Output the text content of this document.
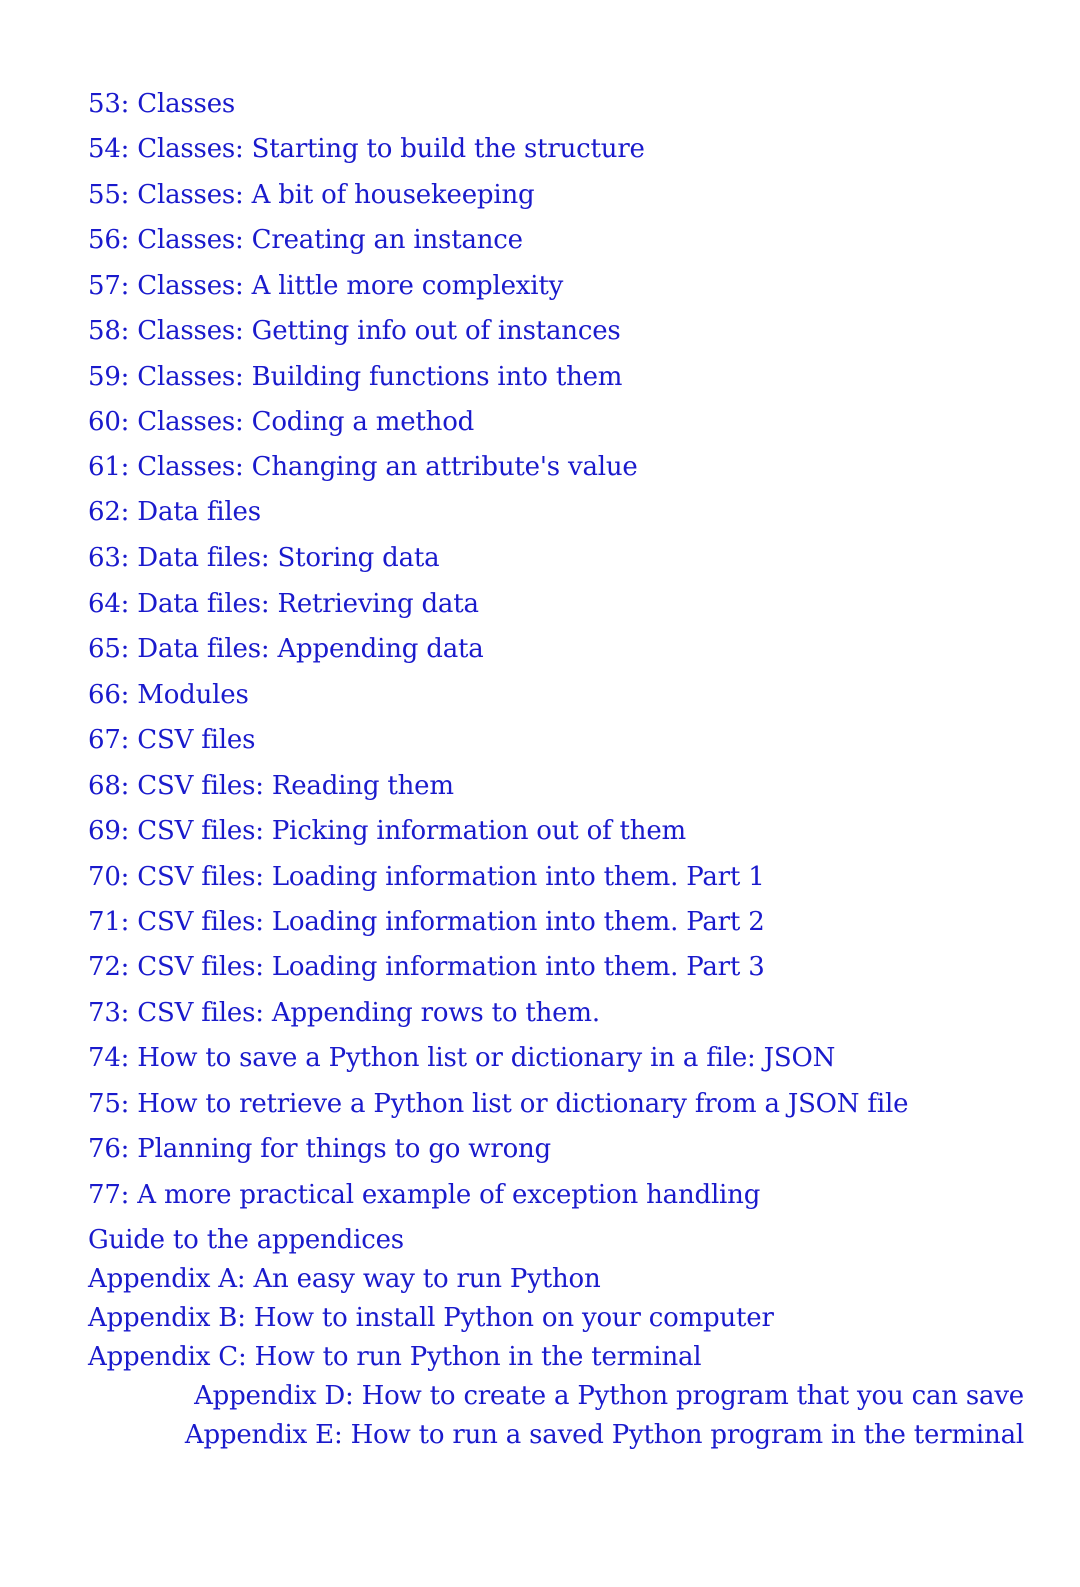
53: Classes
54: Classes: Starting to build the structure
55: Classes: A bit of housekeeping
56: Classes: Creating an instance
57: Classes: A little more complexity
58: Classes: Getting info out of instances
59: Classes: Building functions into them
60: Classes: Coding a method
61: Classes: Changing an attribute's value
62: Data files
63: Data files: Storing data
64: Data files: Retrieving data
65: Data files: Appending data
66: Modules
67: CSV files
68: CSV files: Reading them
69: CSV files: Picking information out of them
70: CSV files: Loading information into them. Part 1
71: CSV files: Loading information into them. Part 2
72: CSV files: Loading information into them. Part 3
73: CSV files: Appending rows to them.
74: How to save a Python list or dictionary in a file: JSON
75: How to retrieve a Python list or dictionary from a JSON file
76: Planning for things to go wrong
77: A more practical example of exception handling
Guide to the appendices
Appendix A: An easy way to run Python
Appendix B: How to install Python on your computer
Appendix C: How to run Python in the terminal
Appendix D: How to create a Python program that you can save
Appendix E: How to run a saved Python program in the terminal
